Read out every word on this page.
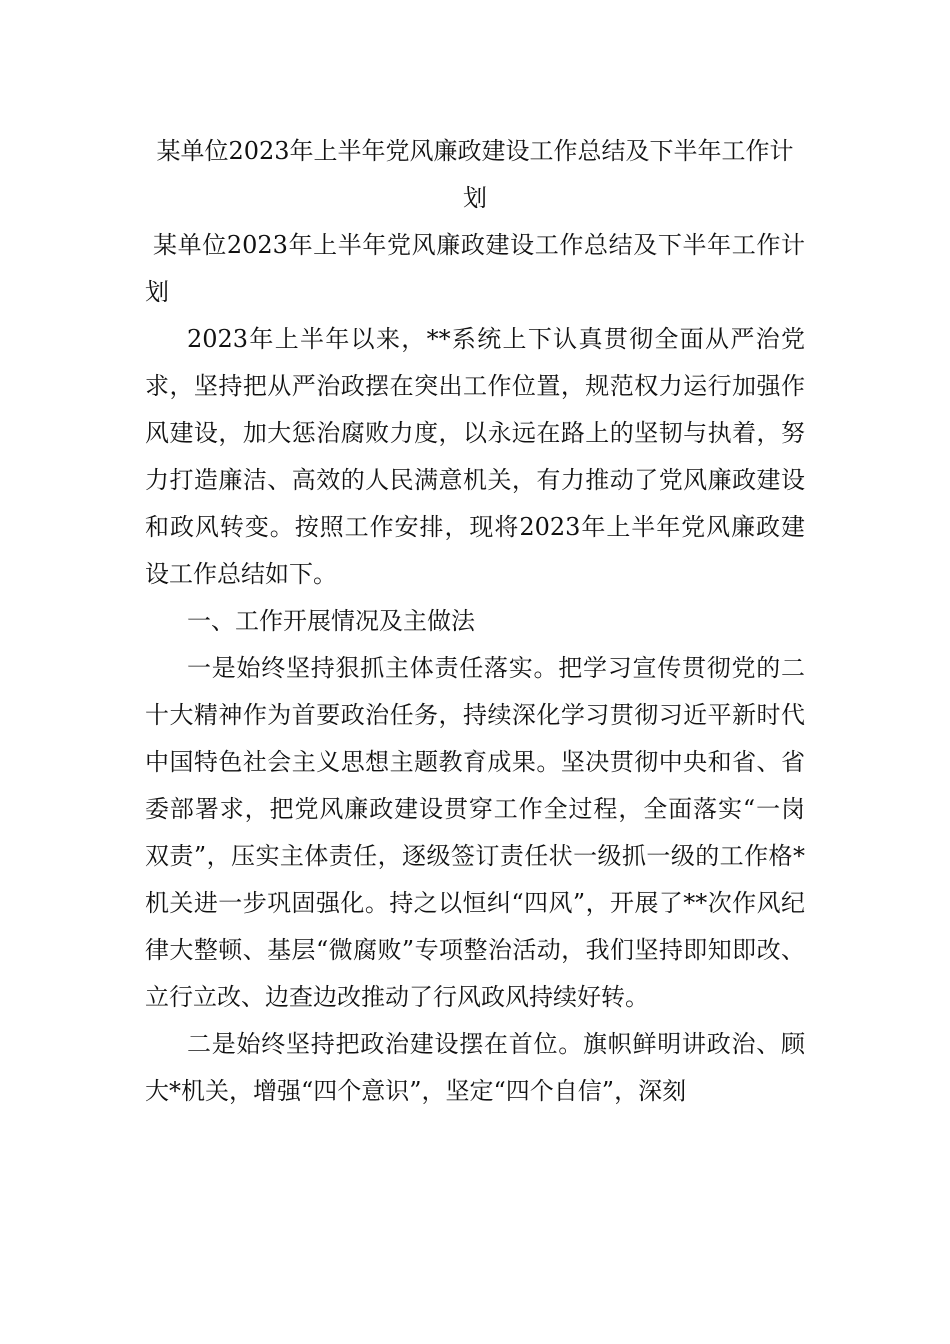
某单位2023年上半年党风廉政建设工作总结及下半年工作计划

某单位2023年上半年党风廉政建设工作总结及下半年工作计划

2023年上半年以来，**系统上下认真贯彻全面从严治党求，坚持把从严治政摆在突出工作位置，规范权力运行加强作风建设，加大惩治腐败力度，以永远在路上的坚韧与执着，努力打造廉洁、高效的人民满意机关，有力推动了党风廉政建设和政风转变。按照工作安排，现将2023年上半年党风廉政建设工作总结如下。

一、工作开展情况及主做法

一是始终坚持狠抓主体责任落实。把学习宣传贯彻党的二十大精神作为首要政治任务，持续深化学习贯彻习近平新时代中国特色社会主义思想主题教育成果。坚决贯彻中央和省、省委部署求，把党风廉政建设贯穿工作全过程，全面落实“一岗双责”，压实主体责任，逐级签订责任状一级抓一级的工作格*机关进一步巩固强化。持之以恒纠“四风”，开展了**次作风纪律大整顿、基层“微腐败”专项整治活动，我们坚持即知即改、立行立改、边查边改推动了行风政风持续好转。

二是始终坚持把政治建设摆在首位。旗帜鲜明讲政治、顾大*机关，增强“四个意识”，坚定“四个自信”，深刻
